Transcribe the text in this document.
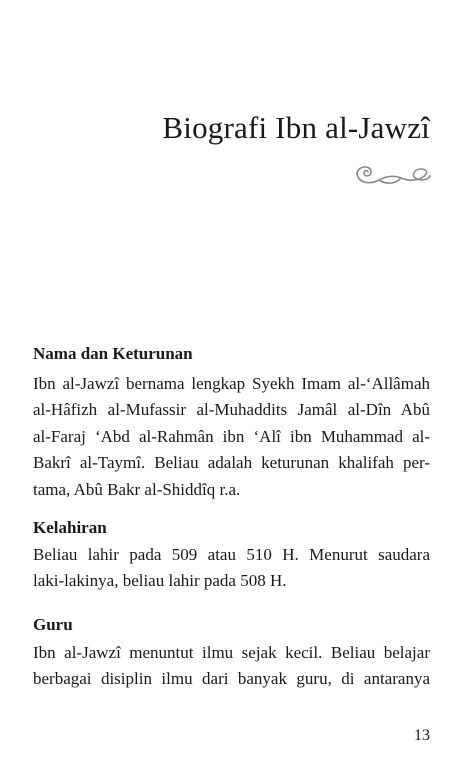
Biografi Ibn al-Jawzî
Nama dan Keturunan
Ibn al-Jawzî bernama lengkap Syekh Imam al-‘Allâmah
al-Hâfizh al-Mufassir al-Muhaddits Jamâl al-Dîn Abû
al-Faraj ‘Abd al-Rahmân ibn ‘Alî ibn Muhammad al-
Bakrî al-Taymî. Beliau adalah keturunan khalifah per-
tama, Abû Bakr al-Shiddîq r.a.
Kelahiran
Beliau lahir pada 509 atau 510 H. Menurut saudara
laki-lakinya, beliau lahir pada 508 H.
Guru
Ibn al-Jawzî menuntut ilmu sejak kecil. Beliau belajar
berbagai disiplin ilmu dari banyak guru, di antaranya

13
